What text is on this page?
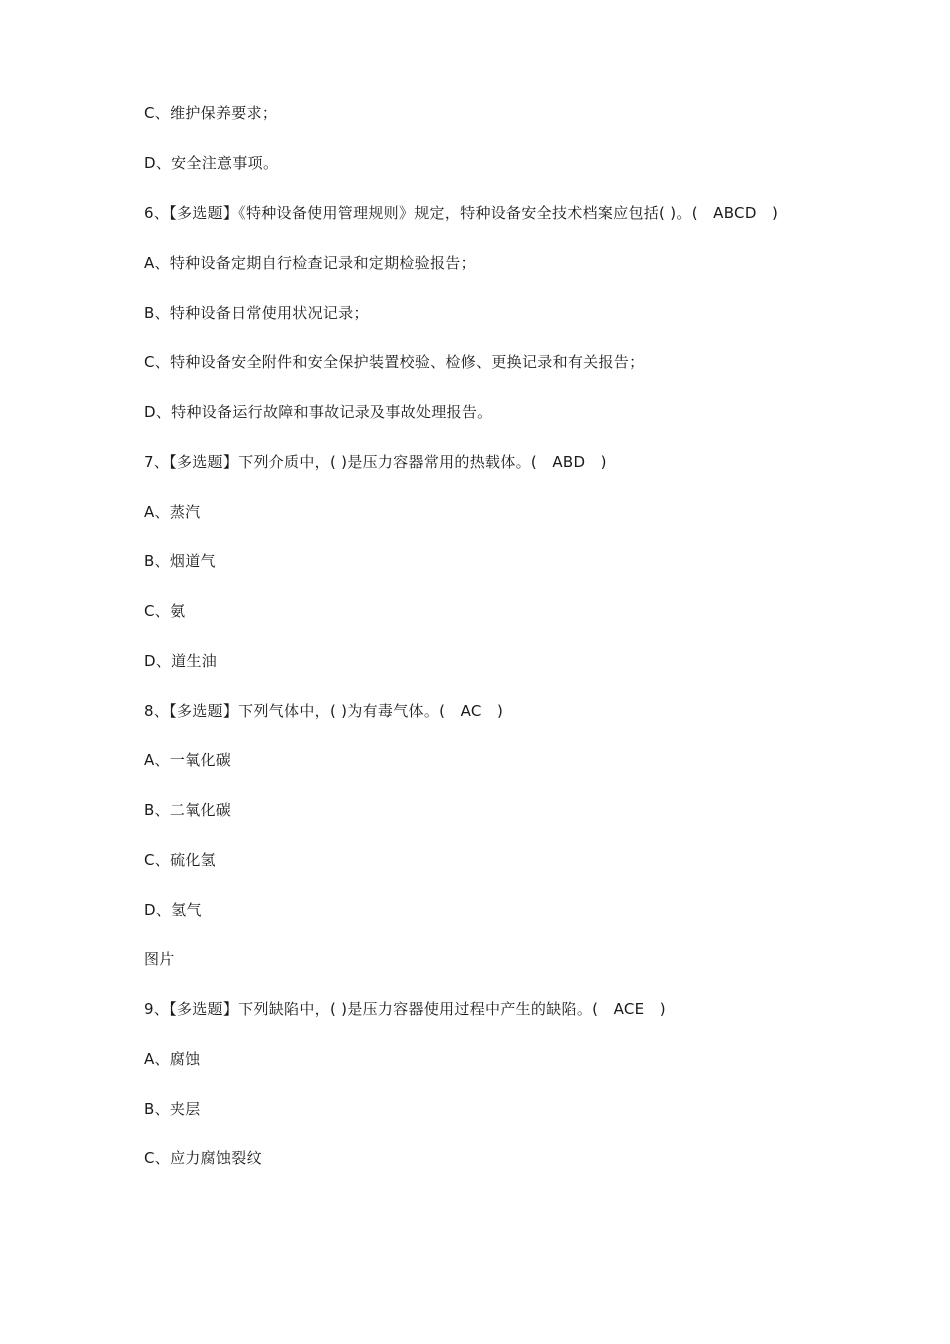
C、维护保养要求；
D、安全注意事项。
6、【多选题】《特种设备使用管理规则》规定，特种设备安全技术档案应包括( )。(　ABCD　)
A、特种设备定期自行检查记录和定期检验报告；
B、特种设备日常使用状况记录；
C、特种设备安全附件和安全保护装置校验、检修、更换记录和有关报告；
D、特种设备运行故障和事故记录及事故处理报告。
7、【多选题】下列介质中，( )是压力容器常用的热载体。(　ABD　)
A、蒸汽
B、烟道气
C、氨
D、道生油
8、【多选题】下列气体中，( )为有毒气体。(　AC　)
A、一氧化碳
B、二氧化碳
C、硫化氢
D、氢气
图片
9、【多选题】下列缺陷中，( )是压力容器使用过程中产生的缺陷。(　ACE　)
A、腐蚀
B、夹层
C、应力腐蚀裂纹
